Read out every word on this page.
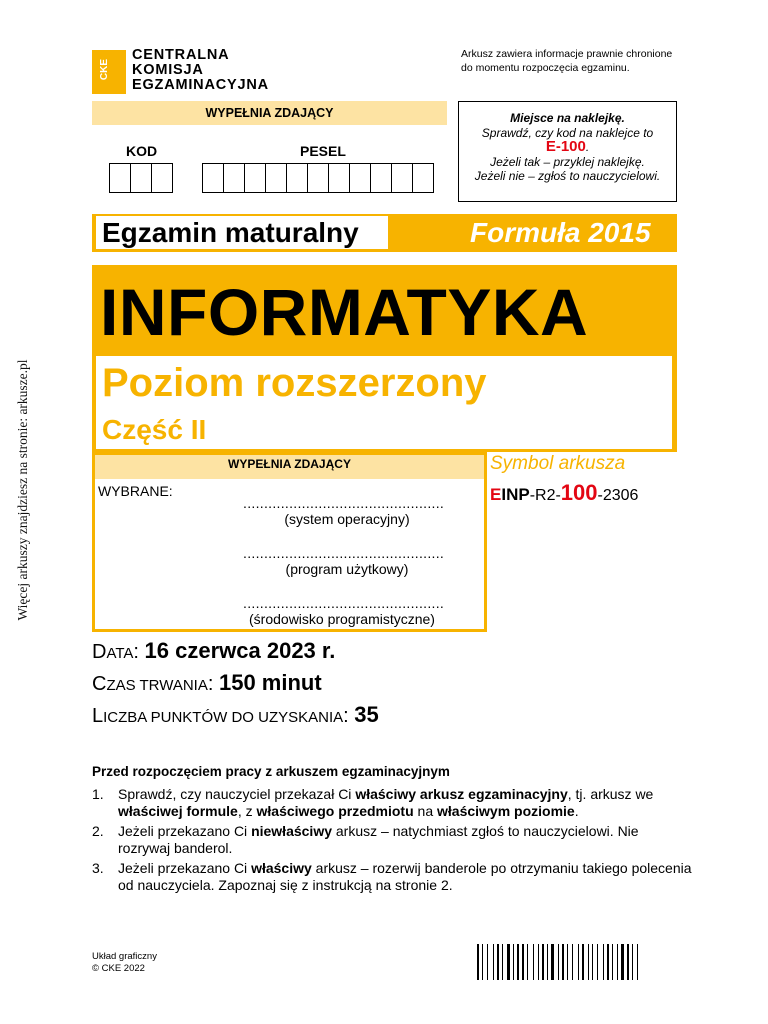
Więcej arkuszy znajdziesz na stronie: arkusze.pl
CKE
CENTRALNA
KOMISJA
EGZAMINACYJNA
Arkusz zawiera informacje prawnie chronione
do momentu rozpoczęcia egzaminu.
WYPEŁNIA ZDAJĄCY
KOD	PESEL
Miejsce na naklejkę.
Sprawdź, czy kod na naklejce to
E-100.
Jeżeli tak – przyklej naklejkę.
Jeżeli nie – zgłoś to nauczycielowi.
Egzamin maturalny	Formuła 2015
INFORMATYKA
Poziom rozszerzony
Część II
WYPEŁNIA ZDAJĄCY
WYBRANE:
................................................
(system operacyjny)
................................................
(program użytkowy)
................................................
(środowisko programistyczne)
Symbol arkusza
EINP-R2-100-2306
DATA: 16 czerwca 2023 r.
CZAS TRWANIA: 150 minut
LICZBA PUNKTÓW DO UZYSKANIA: 35
Przed rozpoczęciem pracy z arkuszem egzaminacyjnym
1.	Sprawdź, czy nauczyciel przekazał Ci właściwy arkusz egzaminacyjny, tj. arkusz we właściwej formule, z właściwego przedmiotu na właściwym poziomie.
2.	Jeżeli przekazano Ci niewłaściwy arkusz – natychmiast zgłoś to nauczycielowi. Nie rozrywaj banderol.
3.	Jeżeli przekazano Ci właściwy arkusz – rozerwij banderole po otrzymaniu takiego polecenia od nauczyciela. Zapoznaj się z instrukcją na stronie 2.
Układ graficzny
© CKE 2022
